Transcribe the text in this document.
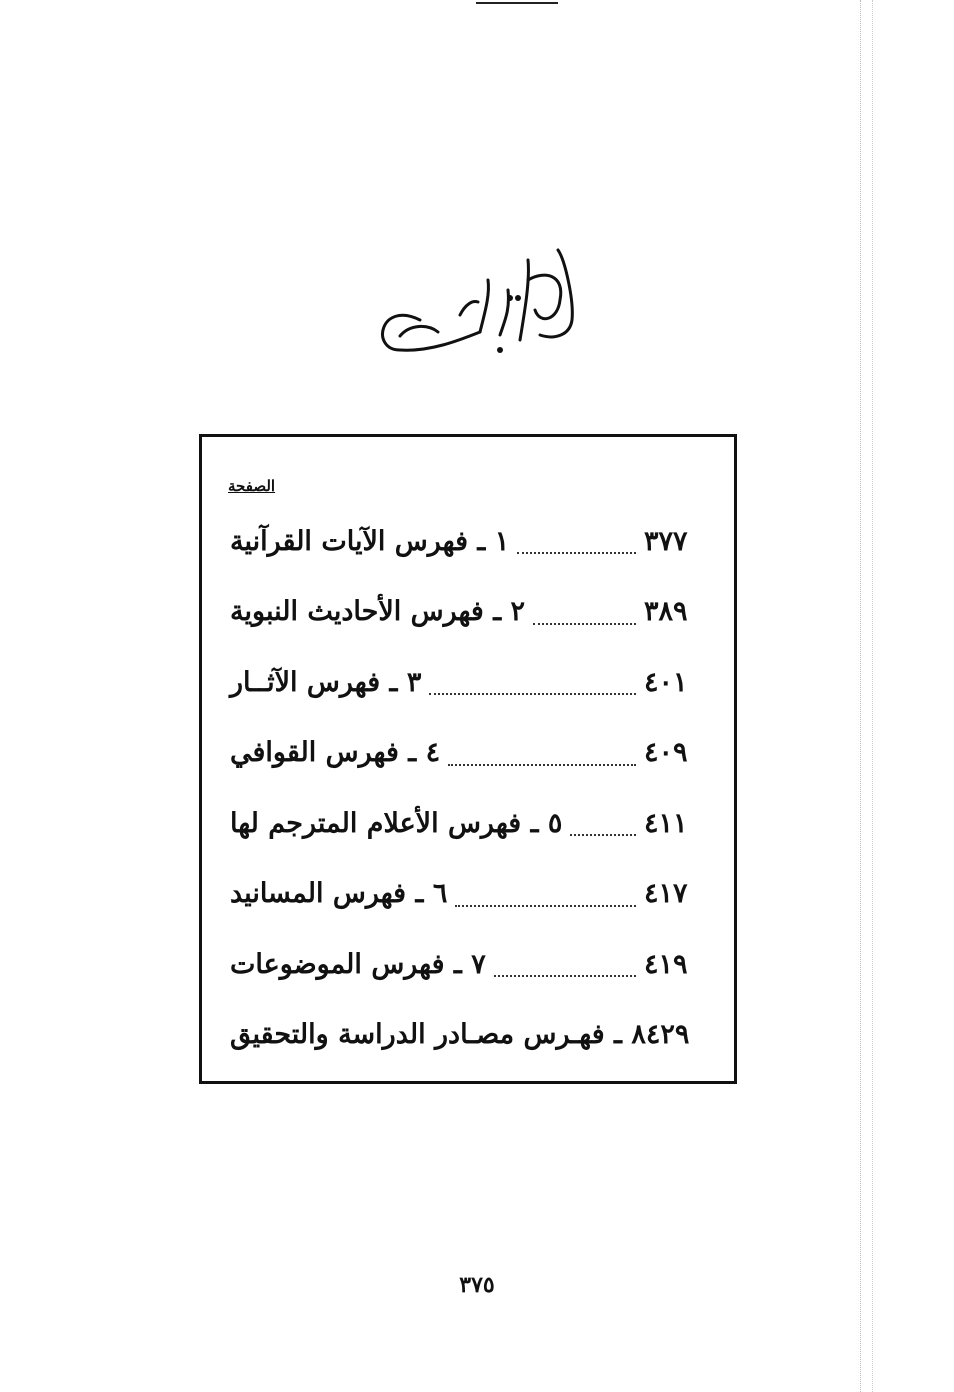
الصفحة
١ ـ فهرس الآيات القرآنية	٣٧٧
٢ ـ فهرس الأحاديث النبوية	٣٨٩
٣ ـ فهرس الآثــار	٤٠١
٤ ـ فهرس القوافي	٤٠٩
٥ ـ فهرس الأعلام المترجم لها	٤١١
٦ ـ فهرس المسانيد	٤١٧
٧ ـ فهرس الموضوعات	٤١٩
٨ ـ فهـرس مصـادر الدراسة والتحقيق ٤٢٩
٣٧٥
